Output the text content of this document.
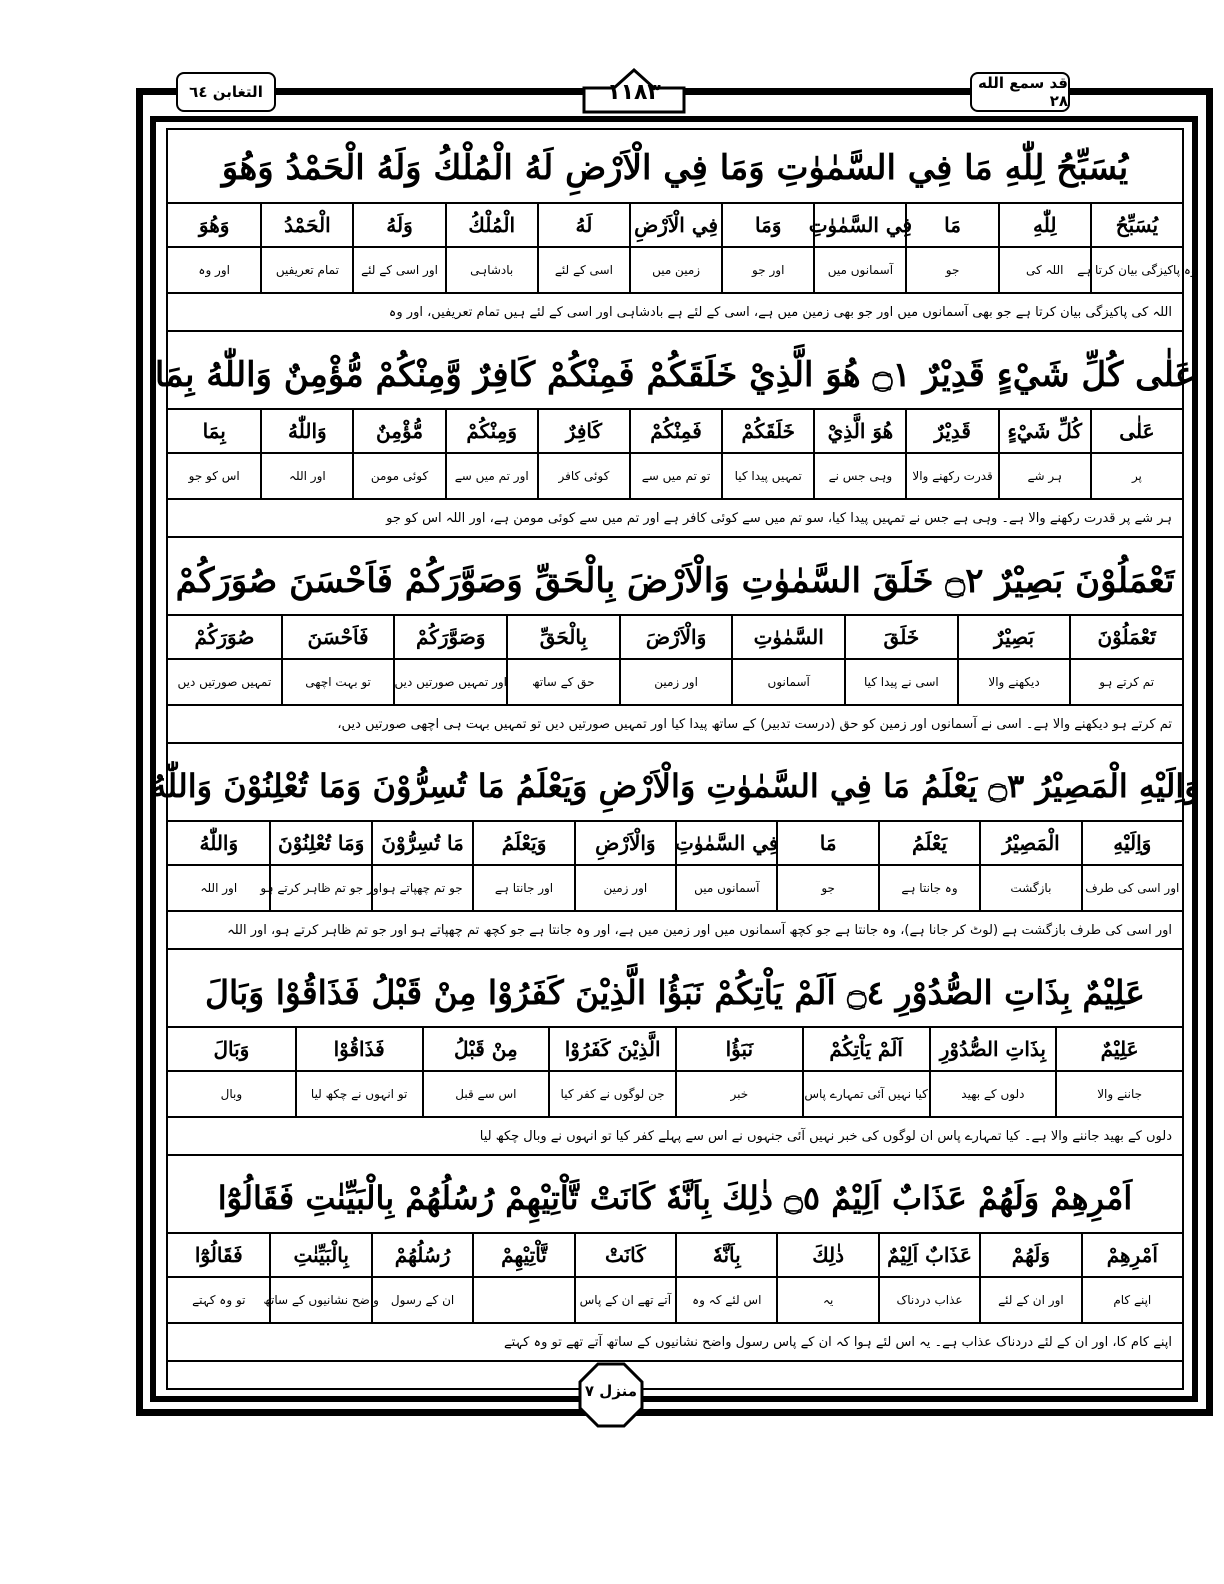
التغابن ٦٤	قد سمع الله ٢٨
١١٨٣
يُسَبِّحُ لِلّٰهِ مَا فِي السَّمٰوٰتِ وَمَا فِي الْاَرْضِ لَهُ الْمُلْكُ وَلَهُ الْحَمْدُ وَهُوَ
يُسَبِّحُ
لِلّٰهِ
مَا
فِي السَّمٰوٰتِ
وَمَا
فِي الْاَرْضِ
لَهُ
الْمُلْكُ
وَلَهُ
الْحَمْدُ
وَهُوَ
وہ پاکیزگی بیان کرتا ہے
اللہ کی
جو
آسمانوں میں
اور جو
زمین میں
اسی کے لئے
بادشاہی
اور اسی کے لئے
تمام تعریفیں
اور وہ
اللہ کی پاکیزگی بیان کرتا ہے جو بھی آسمانوں میں اور جو بھی زمین میں ہے، اسی کے لئے ہے بادشاہی اور اسی کے لئے ہیں تمام تعریفیں، اور وہ
عَلٰى كُلِّ شَيْءٍ قَدِيْرٌ ۝١ هُوَ الَّذِيْ خَلَقَكُمْ فَمِنْكُمْ كَافِرٌ وَّمِنْكُمْ مُّؤْمِنٌ وَاللّٰهُ بِمَا
عَلٰى
كُلِّ شَيْءٍ
قَدِيْرٌ
هُوَ الَّذِيْ
خَلَقَكُمْ
فَمِنْكُمْ
كَافِرٌ
وَمِنْكُمْ
مُّؤْمِنٌ
وَاللّٰهُ
بِمَا
پر
ہر شے
قدرت رکھنے والا
وہی جس نے
تمہیں پیدا کیا
تو تم میں سے
کوئی کافر
اور تم میں سے
کوئی مومن
اور اللہ
اس کو جو
ہر شے پر قدرت رکھنے والا ہے۔ وہی ہے جس نے تمہیں پیدا کیا، سو تم میں سے کوئی کافر ہے اور تم میں سے کوئی مومن ہے، اور اللہ اس کو جو
تَعْمَلُوْنَ بَصِيْرٌ ۝٢ خَلَقَ السَّمٰوٰتِ وَالْاَرْضَ بِالْحَقِّ وَصَوَّرَكُمْ فَاَحْسَنَ صُوَرَكُمْ
تَعْمَلُوْنَ
بَصِيْرٌ
خَلَقَ
السَّمٰوٰتِ
وَالْاَرْضَ
بِالْحَقِّ
وَصَوَّرَكُمْ
فَاَحْسَنَ
صُوَرَكُمْ
تم کرتے ہو
دیکھنے والا
اسی نے پیدا کیا
آسمانوں
اور زمین
حق کے ساتھ
اور تمہیں صورتیں دیں
تو بہت اچھی
تمہیں صورتیں دیں
تم کرتے ہو دیکھنے والا ہے۔ اسی نے آسمانوں اور زمین کو حق (درست تدبیر) کے ساتھ پیدا کیا اور تمہیں صورتیں دیں تو تمہیں بہت ہی اچھی صورتیں دیں،
وَاِلَيْهِ الْمَصِيْرُ ۝٣ يَعْلَمُ مَا فِي السَّمٰوٰتِ وَالْاَرْضِ وَيَعْلَمُ مَا تُسِرُّوْنَ وَمَا تُعْلِنُوْنَ وَاللّٰهُ
وَاِلَيْهِ
الْمَصِيْرُ
يَعْلَمُ
مَا
فِي السَّمٰوٰتِ
وَالْاَرْضِ
وَيَعْلَمُ
مَا تُسِرُّوْنَ
وَمَا تُعْلِنُوْنَ
وَاللّٰهُ
اور اسی کی طرف
بازگشت
وہ جانتا ہے
جو
آسمانوں میں
اور زمین
اور جانتا ہے
جو تم چھپاتے ہو
اور جو تم ظاہر کرتے ہو
اور اللہ
اور اسی کی طرف بازگشت ہے (لوٹ کر جانا ہے)، وہ جانتا ہے جو کچھ آسمانوں میں اور زمین میں ہے، اور وہ جانتا ہے جو کچھ تم چھپاتے ہو اور جو تم ظاہر کرتے ہو، اور اللہ
عَلِيْمٌ بِذَاتِ الصُّدُوْرِ ۝٤ اَلَمْ يَاْتِكُمْ نَبَؤُا الَّذِيْنَ كَفَرُوْا مِنْ قَبْلُ فَذَاقُوْا وَبَالَ
عَلِيْمٌ
بِذَاتِ الصُّدُوْرِ
اَلَمْ يَاْتِكُمْ
نَبَؤُا
الَّذِيْنَ كَفَرُوْا
مِنْ قَبْلُ
فَذَاقُوْا
وَبَالَ
جاننے والا
دلوں کے بھید
کیا نہیں آئی تمہارے پاس
خبر
جن لوگوں نے کفر کیا
اس سے قبل
تو انہوں نے چکھ لیا
وبال
دلوں کے بھید جاننے والا ہے۔ کیا تمہارے پاس ان لوگوں کی خبر نہیں آئی جنہوں نے اس سے پہلے کفر کیا تو انہوں نے وبال چکھ لیا
اَمْرِهِمْ وَلَهُمْ عَذَابٌ اَلِيْمٌ ۝٥ ذٰلِكَ بِاَنَّهٗ كَانَتْ تَّاْتِيْهِمْ رُسُلُهُمْ بِالْبَيِّنٰتِ فَقَالُوْٓا
اَمْرِهِمْ
وَلَهُمْ
عَذَابٌ اَلِيْمٌ
ذٰلِكَ
بِاَنَّهٗ
كَانَتْ
تَّاْتِيْهِمْ
رُسُلُهُمْ
بِالْبَيِّنٰتِ
فَقَالُوْٓا
اپنے کام
اور ان کے لئے
عذاب دردناک
یہ
اس لئے کہ وہ
آتے تھے ان کے پاس
ان کے رسول
واضح نشانیوں کے ساتھ
تو وہ کہتے
اپنے کام کا، اور ان کے لئے دردناک عذاب ہے۔ یہ اس لئے ہوا کہ ان کے پاس رسول واضح نشانیوں کے ساتھ آتے تھے تو وہ کہتے
منزل ٧
